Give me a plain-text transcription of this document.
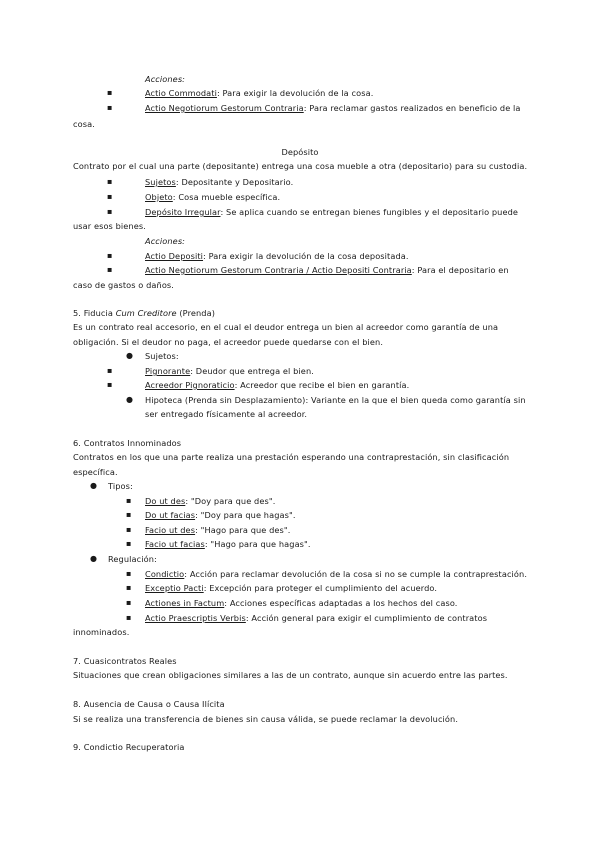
Acciones:
▪	Actio Commodati: Para exigir la devolución de la cosa.
▪	Actio Negotiorum Gestorum Contraria: Para reclamar gastos realizados en beneficio de la
cosa.
Depósito
Contrato por el cual una parte (depositante) entrega una cosa mueble a otra (depositario) para su custodia.
▪	Sujetos: Depositante y Depositario.
▪	Objeto: Cosa mueble específica.
▪	Depósito Irregular: Se aplica cuando se entregan bienes fungibles y el depositario puede
usar esos bienes.
Acciones:
▪	Actio Depositi: Para exigir la devolución de la cosa depositada.
▪	Actio Negotiorum Gestorum Contraria / Actio Depositi Contraria: Para el depositario en
caso de gastos o daños.
5. Fiducia Cum Creditore (Prenda)
Es un contrato real accesorio, en el cual el deudor entrega un bien al acreedor como garantía de una
obligación. Si el deudor no paga, el acreedor puede quedarse con el bien.
● Sujetos:
▪	Pignorante: Deudor que entrega el bien.
▪	Acreedor Pignoraticio: Acreedor que recibe el bien en garantía.
● Hipoteca (Prenda sin Desplazamiento): Variante en la que el bien queda como garantía sin
ser entregado físicamente al acreedor.
6. Contratos Innominados
Contratos en los que una parte realiza una prestación esperando una contraprestación, sin clasificación
específica.
● Tipos:
▪ Do ut des: "Doy para que des".
▪ Do ut facias: "Doy para que hagas".
▪ Facio ut des: "Hago para que des".
▪ Facio ut facias: "Hago para que hagas".
● Regulación:
▪ Condictio: Acción para reclamar devolución de la cosa si no se cumple la contraprestación.
▪ Exceptio Pacti: Excepción para proteger el cumplimiento del acuerdo.
▪ Actiones in Factum: Acciones específicas adaptadas a los hechos del caso.
▪ Actio Praescriptis Verbis: Acción general para exigir el cumplimiento de contratos
innominados.
7. Cuasicontratos Reales
Situaciones que crean obligaciones similares a las de un contrato, aunque sin acuerdo entre las partes.
8. Ausencia de Causa o Causa Ilícita
Si se realiza una transferencia de bienes sin causa válida, se puede reclamar la devolución.
9. Condictio Recuperatoria
